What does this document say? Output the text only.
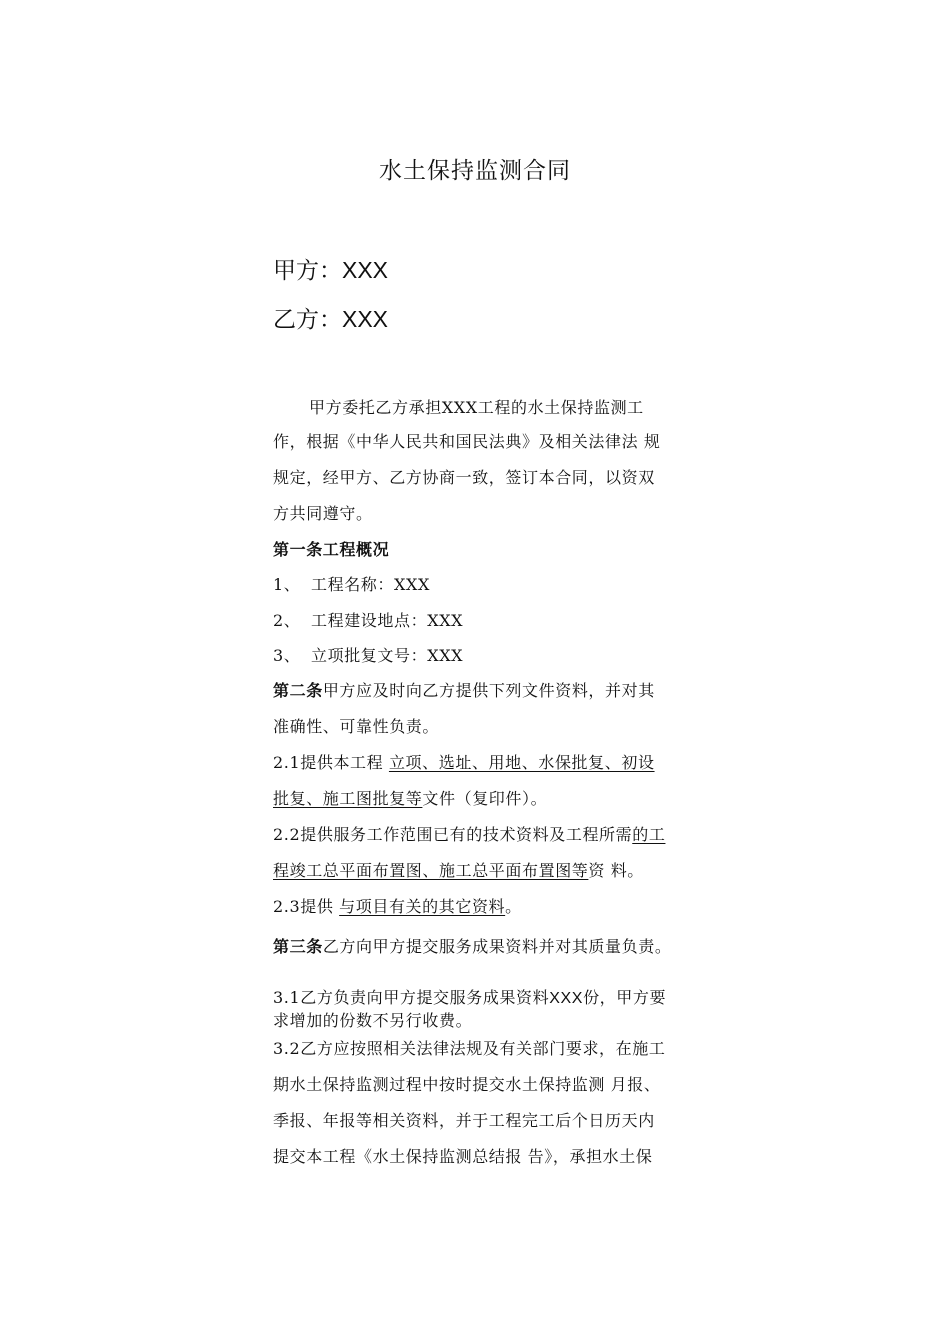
水土保持监测合同
甲方：XXX
乙方：XXX
甲方委托乙方承担XXX工程的水土保持监测工
作，根据《中华人民共和国民法典》及相关法律法 规
规定，经甲方、乙方协商一致，签订本合同，以资双
方共同遵守。
第一条工程概况
1、 工程名称：XXX
2、 工程建设地点：XXX
3、 立项批复文号：XXX
第二条甲方应及时向乙方提供下列文件资料，并对其
准确性、可靠性负责。
2.1提供本工程 立项、选址、用地、水保批复、初设
批复、施工图批复等文件（复印件）。
2.2提供服务工作范围已有的技术资料及工程所需的工
程竣工总平面布置图、施工总平面布置图等资 料。
2.3提供 与项目有关的其它资料。
第三条乙方向甲方提交服务成果资料并对其质量负责。
3.1乙方负责向甲方提交服务成果资料XXX份，甲方要求增加的份数不另行收费。
3.2乙方应按照相关法律法规及有关部门要求，在施工
期水土保持监测过程中按时提交水土保持监测 月报、
季报、年报等相关资料，并于工程完工后个日历天内
提交本工程《水土保持监测总结报 告》，承担水土保
